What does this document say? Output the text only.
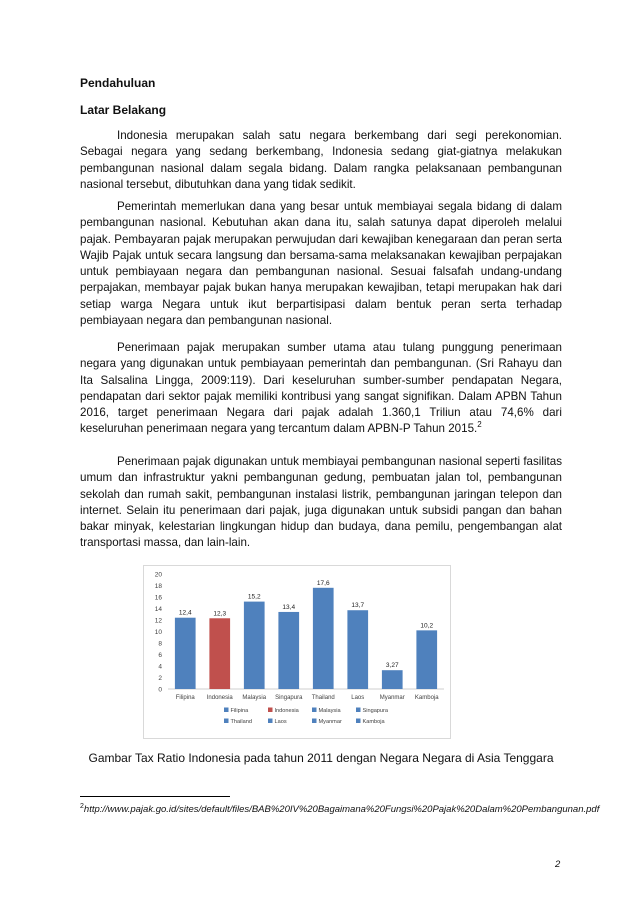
Pendahuluan
Latar Belakang

Indonesia merupakan salah satu negara berkembang dari segi perekonomian. Sebagai negara yang sedang berkembang, Indonesia sedang giat-giatnya melakukan pembangunan nasional dalam segala bidang. Dalam rangka pelaksanaan pembangunan nasional tersebut, dibutuhkan dana yang tidak sedikit.

Pemerintah memerlukan dana yang besar untuk membiayai segala bidang di dalam pembangunan nasional. Kebutuhan akan dana itu, salah satunya dapat diperoleh melalui pajak. Pembayaran pajak merupakan perwujudan dari kewajiban kenegaraan dan peran serta Wajib Pajak untuk secara langsung dan bersama-sama melaksanakan kewajiban perpajakan untuk pembiayaan negara dan pembangunan nasional. Sesuai falsafah undang-undang perpajakan, membayar pajak bukan hanya merupakan kewajiban, tetapi merupakan hak dari setiap warga Negara untuk ikut berpartisipasi dalam bentuk peran serta terhadap pembiayaan negara dan pembangunan nasional.

Penerimaan pajak merupakan sumber utama atau tulang punggung penerimaan negara yang digunakan untuk pembiayaan pemerintah dan pembangunan. (Sri Rahayu dan Ita Salsalina Lingga, 2009:119). Dari keseluruhan sumber-sumber pendapatan Negara, pendapatan dari sektor pajak memiliki kontribusi yang sangat signifikan. Dalam APBN Tahun 2016, target penerimaan Negara dari pajak adalah 1.360,1 Triliun atau 74,6% dari keseluruhan penerimaan negara yang tercantum dalam APBN-P Tahun 2015.$^2$

Penerimaan pajak digunakan untuk membiayai pembangunan nasional seperti fasilitas umum dan infrastruktur yakni pembangunan gedung, pembuatan jalan tol, pembangunan sekolah dan rumah sakit, pembangunan instalasi listrik, pembangunan jaringan telepon dan internet. Selain itu penerimaan dari pajak, juga digunakan untuk subsidi pangan dan bahan bakar minyak, kelestarian lingkungan hidup dan budaya, dana pemilu, pengembangan alat transportasi massa, dan lain-lain.

0
2
4
6
8
10
12
14
16
18
20
12,4
Filipina
12,3
Indonesia
15,2
Malaysia
13,4
Singapura
17,6
Thailand
13,7
Laos
3,27
Myanmar
10,2
Kamboja
Filipina	Indonesia	Malaysia	Singapura
Thailand	Laos	Myanmar	Kamboja
Gambar Tax Ratio Indonesia pada tahun 2011 dengan Negara Negara di Asia Tenggara
$^2$http://www.pajak.go.id/sites/default/files/BAB%20IV%20Bagaimana%20Fungsi%20Pajak%20Dalam%20Pembangunan.pdf
2
